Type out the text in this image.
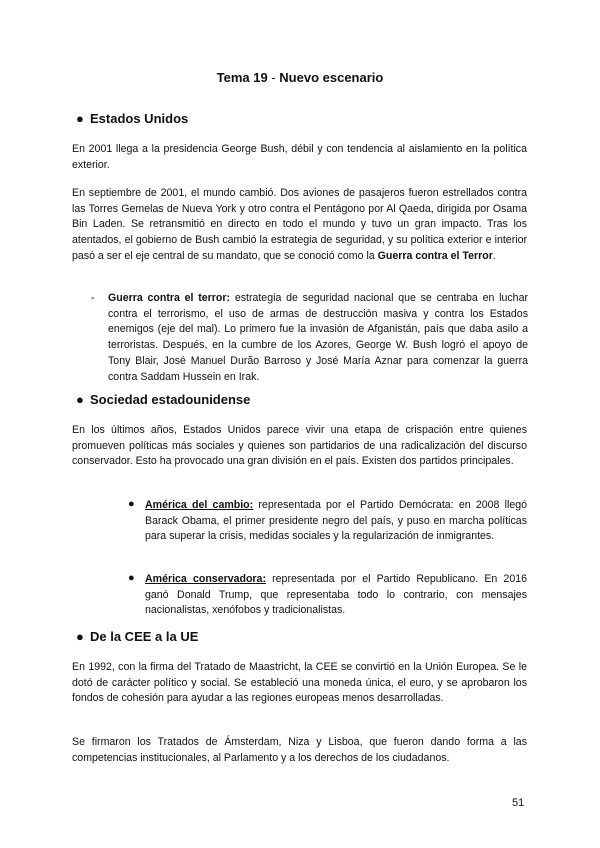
Tema 19 - Nuevo escenario
● Estados Unidos

En 2001 llega a la presidencia George Bush, débil y con tendencia al aislamiento en la política exterior.

En septiembre de 2001, el mundo cambió. Dos aviones de pasajeros fueron estrellados contra las Torres Gemelas de Nueva York y otro contra el Pentágono por Al Qaeda, dirigida por Osama Bin Laden. Se retransmitió en directo en todo el mundo y tuvo un gran impacto. Tras los atentados, el gobierno de Bush cambió la estrategia de seguridad, y su política exterior e interior pasó a ser el eje central de su mandato, que se conoció como la Guerra contra el Terror.

- Guerra contra el terror: estrategia de seguridad nacional que se centraba en luchar contra el terrorismo, el uso de armas de destrucción masiva y contra los Estados enemigos (eje del mal). Lo primero fue la invasión de Afganistán, país que daba asilo a terroristas. Después, en la cumbre de los Azores, George W. Bush logró el apoyo de Tony Blair, José Manuel Durão Barroso y José María Aznar para comenzar la guerra contra Saddam Hussein en Irak.

● Sociedad estadounidense

En los últimos años, Estados Unidos parece vivir una etapa de crispación entre quienes promueven políticas más sociales y quienes son partidarios de una radicalización del discurso conservador. Esto ha provocado una gran división en el país. Existen dos partidos principales.

● América del cambio: representada por el Partido Demócrata: en 2008 llegó Barack Obama, el primer presidente negro del país, y puso en marcha políticas para superar la crisis, medidas sociales y la regularización de inmigrantes.

● América conservadora: representada por el Partido Republicano. En 2016 ganó Donald Trump, que representaba todo lo contrario, con mensajes nacionalistas, xenófobos y tradicionalistas.

● De la CEE a la UE

En 1992, con la firma del Tratado de Maastricht, la CEE se convirtió en la Unión Europea. Se le dotó de carácter político y social. Se estableció una moneda única, el euro, y se aprobaron los fondos de cohesión para ayudar a las regiones europeas menos desarrolladas.

Se firmaron los Tratados de Ámsterdam, Niza y Lisboa, que fueron dando forma a las competencias institucionales, al Parlamento y a los derechos de los ciudadanos.

51
